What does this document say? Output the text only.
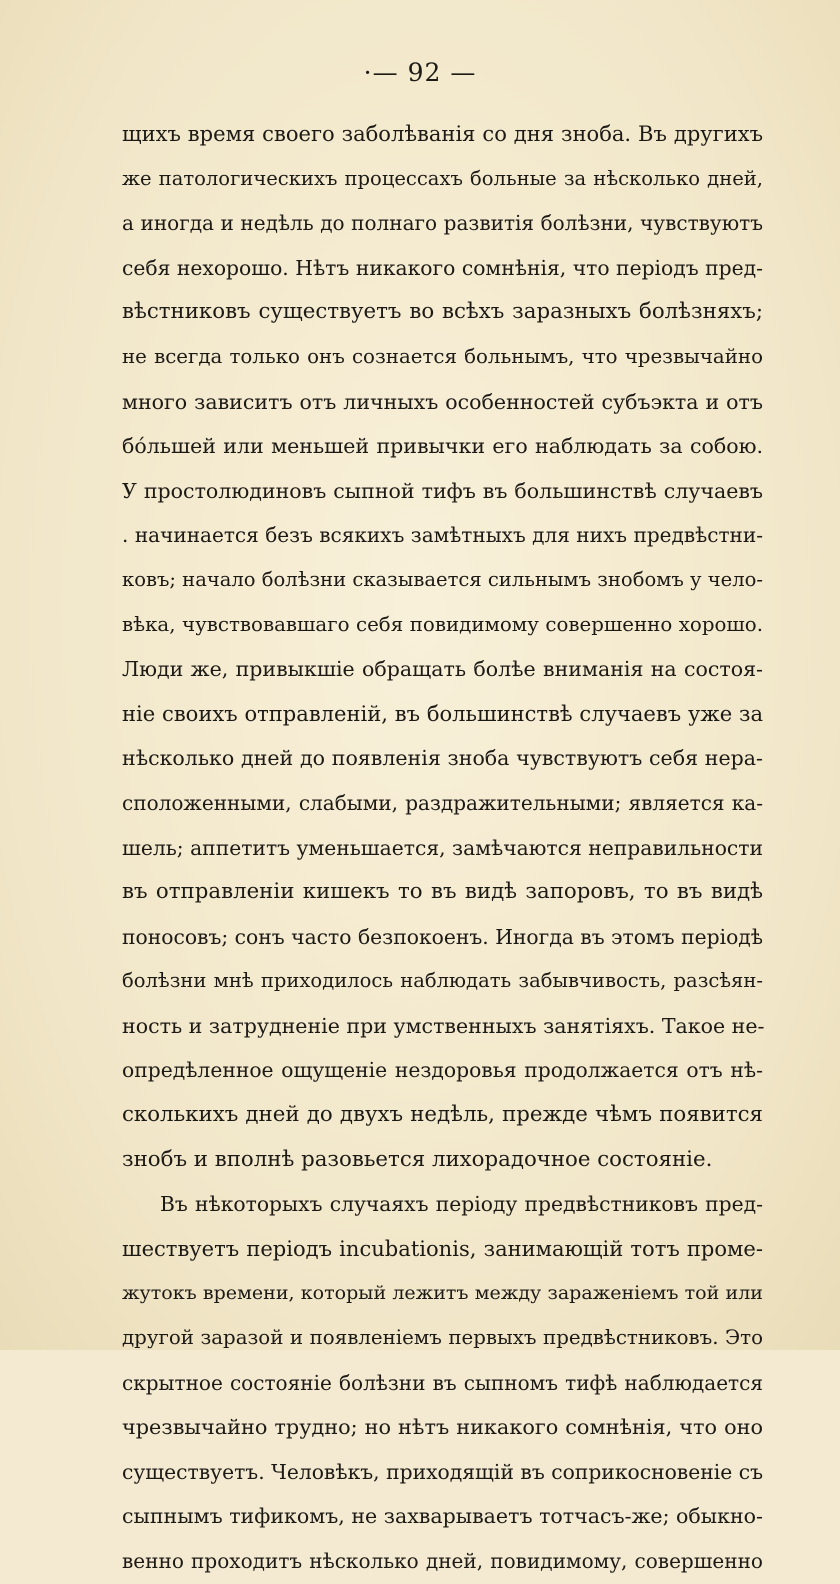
·— 92 —
щихъ время своего заболѣванія со дня зноба. Въ другихъ
же патологическихъ процессахъ больные за нѣсколько дней,
а иногда и недѣль до полнаго развитія болѣзни, чувствуютъ
себя нехорошо. Нѣтъ никакого сомнѣнія, что періодъ пред-
вѣстниковъ существуетъ во всѣхъ заразныхъ болѣзняхъ;
не всегда только онъ сознается больнымъ, что чрезвычайно
много зависитъ отъ личныхъ особенностей субъэкта и отъ
бо́льшей или меньшей привычки его наблюдать за собою.
У простолюдиновъ сыпной тифъ въ большинствѣ случаевъ
. начинается безъ всякихъ замѣтныхъ для нихъ предвѣстни-
ковъ; начало болѣзни сказывается сильнымъ знобомъ у чело-
вѣка, чувствовавшаго себя повидимому совершенно хорошо.
Люди же, привыкшіе обращать болѣе вниманія на состоя-
ніе своихъ отправленій, въ большинствѣ случаевъ уже за
нѣсколько дней до появленія зноба чувствуютъ себя нера-
сположенными, слабыми, раздражительными; является ка-
шель; аппетитъ уменьшается, замѣчаются неправильности
въ отправленіи кишекъ то въ видѣ запоровъ, то въ видѣ
поносовъ; сонъ часто безпокоенъ. Иногда въ этомъ періодѣ
болѣзни мнѣ приходилось наблюдать забывчивость, разсѣян-
ность и затрудненіе при умственныхъ занятіяхъ. Такое не-
опредѣленное ощущеніе нездоровья продолжается отъ нѣ-
сколькихъ дней до двухъ недѣль, прежде чѣмъ появится
знобъ и вполнѣ разовьется лихорадочное состояніе.
Въ нѣкоторыхъ случаяхъ періоду предвѣстниковъ пред-
шествуетъ періодъ incubationis, занимающій тотъ проме-
жутокъ времени, который лежитъ между зараженіемъ той или
другой заразой и появленіемъ первыхъ предвѣстниковъ. Это
скрытное состояніе болѣзни въ сыпномъ тифѣ наблюдается
чрезвычайно трудно; но нѣтъ никакого сомнѣнія, что оно
существуетъ. Человѣкъ, приходящій въ соприкосновеніе съ
сыпнымъ тификомъ, не захварываетъ тотчасъ-же; обыкно-
венно проходитъ нѣсколько дней, повидимому, совершенно
